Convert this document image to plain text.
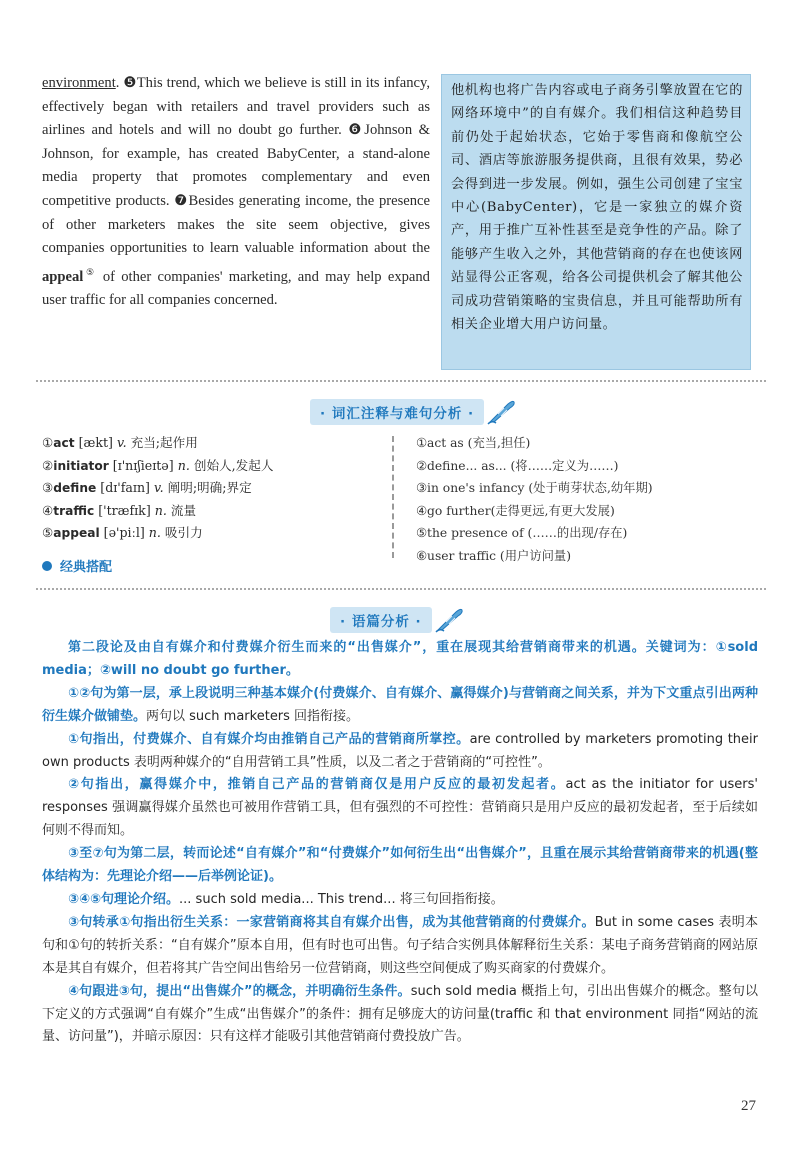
environment. ❺This trend, which we believe is still in its infancy, effectively began with retailers and travel providers such as airlines and hotels and will no doubt go further. ❻Johnson & Johnson, for example, has created BabyCenter, a stand-alone media property that promotes complementary and even competitive products. ❼Besides generating income, the presence of other marketers makes the site seem objective, gives companies opportunities to learn valuable information about the appeal⑤ of other companies' marketing, and may help expand user traffic for all companies concerned.
他机构也将广告内容或电子商务引擎放置在它的网络环境中”的自有媒介。我们相信这种趋势目前仍处于起始状态，它始于零售商和像航空公司、酒店等旅游服务提供商，且很有效果，势必会得到进一步发展。例如，强生公司创建了宝宝中心(BabyCenter)，它是一家独立的媒介资产，用于推广互补性甚至是竞争性的产品。除了能够产生收入之外，其他营销商的存在也使该网站显得公正客观，给各公司提供机会了解其他公司成功营销策略的宝贵信息，并且可能帮助所有相关企业增大用户访问量。
· 词汇注释与难句分析 ·
①act [ækt] v. 充当;起作用
②initiator [ɪ'nɪʃieɪtə] n. 创始人,发起人
③define [dɪ'faɪn] v. 阐明;明确;界定
④traffic ['træfɪk] n. 流量
⑤appeal [ə'piːl] n. 吸引力
①act as (充当,担任)
②define... as... (将……定义为……)
③in one's infancy (处于萌芽状态,幼年期)
④go further(走得更远,有更大发展)
⑤the presence of (……的出现/存在)
⑥user traffic (用户访问量)
经典搭配
· 语篇分析 ·

第二段论及由自有媒介和付费媒介衍生而来的“出售媒介”，重在展现其给营销商带来的机遇。关键词为：①sold media；②will no doubt go further。

①②句为第一层，承上段说明三种基本媒介(付费媒介、自有媒介、赢得媒介)与营销商之间关系，并为下文重点引出两种衍生媒介做铺垫。两句以 such marketers 回指衔接。

①句指出，付费媒介、自有媒介均由推销自己产品的营销商所掌控。are controlled by marketers promoting their own products 表明两种媒介的“自用营销工具”性质，以及二者之于营销商的“可控性”。

②句指出，赢得媒介中，推销自己产品的营销商仅是用户反应的最初发起者。act as the initiator for users' responses 强调赢得媒介虽然也可被用作营销工具，但有强烈的不可控性：营销商只是用户反应的最初发起者，至于后续如何则不得而知。

③至⑦句为第二层，转而论述“自有媒介”和“付费媒介”如何衍生出“出售媒介”，且重在展示其给营销商带来的机遇(整体结构为：先理论介绍——后举例论证)。

③④⑤句理论介绍。... such sold media... This trend... 将三句回指衔接。

③句转承①句指出衍生关系：一家营销商将其自有媒介出售，成为其他营销商的付费媒介。But in some cases 表明本句和①句的转折关系：“自有媒介”原本自用，但有时也可出售。句子结合实例具体解释衍生关系：某电子商务营销商的网站原本是其自有媒介，但若将其广告空间出售给另一位营销商，则这些空间便成了购买商家的付费媒介。

④句跟进③句，提出“出售媒介”的概念，并明确衍生条件。such sold media 概指上句，引出出售媒介的概念。整句以下定义的方式强调“自有媒介”生成“出售媒介”的条件：拥有足够庞大的访问量(traffic 和 that environment 同指“网站的流量、访问量”)，并暗示原因：只有这样才能吸引其他营销商付费投放广告。

27
